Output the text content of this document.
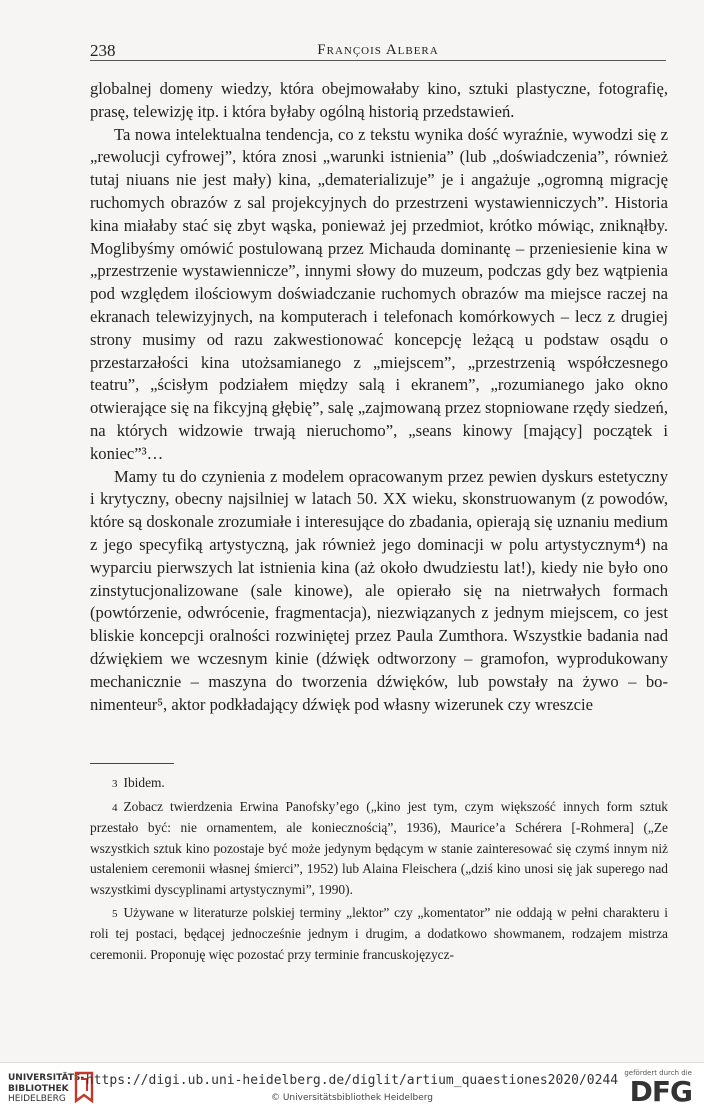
238	François Albera

globalnej domeny wiedzy, która obejmowałaby kino, sztuki plastyczne, fotografię, prasę, telewizję itp. i która byłaby ogólną historią przedstawień.

Ta nowa intelektualna tendencja, co z tekstu wynika dość wyraźnie, wywodzi się z „rewolucji cyfrowej”, która znosi „warunki istnienia” (lub „doświadczenia”, również tutaj niuans nie jest mały) kina, „dematerializuje” je i angażuje „ogromną migrację ruchomych obrazów z sal projekcyjnych do przestrzeni wystawienniczych”. Historia kina miałaby stać się zbyt wąska, ponieważ jej przedmiot, krótko mówiąc, zniknąłby. Moglibyśmy omówić postulowaną przez Michauda dominantę – przeniesienie kina w „przestrzenie wystawiennicze”, innymi słowy do muzeum, podczas gdy bez wątpienia pod względem ilościowym doświadczanie ruchomych obrazów ma miejsce raczej na ekranach telewizyjnych, na komputerach i telefonach komórkowych – lecz z drugiej strony musimy od razu zakwestionować koncepcję leżącą u podstaw osądu o przestarzałości kina utożsamianego z „miejscem”, „przestrzenią współczesnego teatru”, „ścisłym podziałem między salą i ekranem”, „rozumianego jako okno otwierające się na fikcyjną głębię”, salę „zajmowaną przez stopniowane rzędy siedzeń, na których widzowie trwają nieruchomo”, „seans kinowy [mający] początek i koniec”³…

Mamy tu do czynienia z modelem opracowanym przez pewien dyskurs estetyczny i krytyczny, obecny najsilniej w latach 50. XX wieku, skonstruowanym (z powodów, które są doskonale zrozumiałe i interesujące do zbadania, opierają się uznaniu medium z jego specyfiką artystyczną, jak również jego dominacji w polu artystycznym⁴) na wyparciu pierwszych lat istnienia kina (aż około dwudziestu lat!), kiedy nie było ono zinstytucjonalizowane (sale kinowe), ale opierało się na nietrwałych formach (powtórzenie, odwrócenie, fragmentacja), niezwiązanych z jednym miejscem, co jest bliskie koncepcji oralności rozwiniętej przez Paula Zumthora. Wszystkie badania nad dźwiękiem we wczesnym kinie (dźwięk odtworzony – gramofon, wyprodukowany mechanicznie – maszyna do tworzenia dźwięków, lub powstały na żywo – bonimenteur⁵, aktor podkładający dźwięk pod własny wizerunek czy wreszcie

3 Ibidem.

4 Zobacz twierdzenia Erwina Panofsky’ego („kino jest tym, czym większość innych form sztuk przestało być: nie ornamentem, ale koniecznością”, 1936), Maurice’a Schérera [-Rohmera] („Ze wszystkich sztuk kino pozostaje być może jedynym będącym w stanie zainteresować się czymś innym niż ustaleniem ceremonii własnej śmierci”, 1952) lub Alaina Fleischera („dziś kino unosi się jak superego nad wszystkimi dyscyplinami artystycznymi”, 1990).

5 Używane w literaturze polskiej terminy „lektor” czy „komentator” nie oddają w pełni charakteru i roli tej postaci, będącej jednocześnie jednym i drugim, a dodatkowo showmanem, rodzajem mistrza ceremonii. Proponuję więc pozostać przy terminie francuskojęzycz-

UNIVERSITÄTS-
BIBLIOTHEK
HEIDELBERG
https://digi.ub.uni-heidelberg.de/diglit/artium_quaestiones2020/0244
© Universitätsbibliothek Heidelberg
gefördert durch die
DFG
